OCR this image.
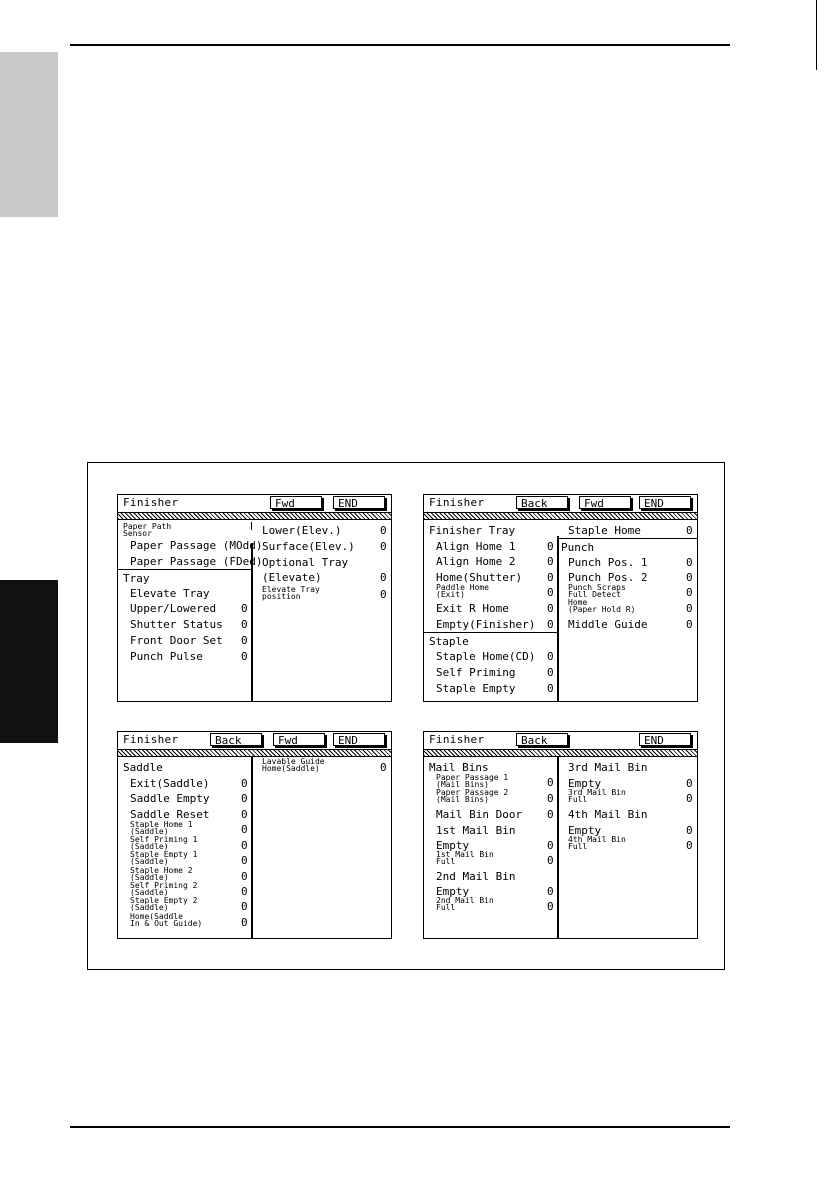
Finisher	Fwd	END
Paper Path
Sensor
Paper Passage (MOdd)
Paper Passage (FDed)
Tray
Elevate Tray
Upper/Lowered 0
Shutter Status 0
Front Door Set 0
Punch Pulse	0
Lower(Elev.)	0
Surface(Elev.) 0
Optional Tray
(Elevate)	0
Elevate Tray
position	0
Finisher	Back	Fwd	END
Finisher Tray
Align Home 1	0
Align Home 2	0
Home(Shutter) 0
Paddle Home
(Exit)	0
Exit R Home	0
Empty(Finisher) 0
Staple
Staple Home(CD) 0
Self Priming	0
Staple Empty	0
Staple Home	0
Punch
Punch Pos. 1	0
Punch Pos. 2	0
Punch Scraps
Full Detect	0
Home
(Paper Hold R)	0
Middle Guide	0
Finisher	Back	Fwd	END
Saddle
Exit(Saddle)	0
Saddle Empty	0
Saddle Reset	0
Staple Home 1
(Saddle)	0
Self Priming 1
(Saddle)	0
Staple Empty 1
(Saddle)	0
Staple Home 2
(Saddle)	0
Self Priming 2
(Saddle)	0
Staple Empty 2
(Saddle)	0
Home(Saddle
In & Out Guide)	0
Lavable Guide
Home(Saddle)	0
Finisher	Back	END
Mail Bins
Paper Passage 1
(Mail Bins)	0
Paper Passage 2
(Mail Bins)	0
Mail Bin Door 0
1st Mail Bin
Empty	0
1st Mail Bin
Full	0
2nd Mail Bin
Empty	0
2nd Mail Bin
Full	0
3rd Mail Bin
Empty	0
3rd Mail Bin
Full	0
4th Mail Bin
Empty	0
4th Mail Bin
Full	0
